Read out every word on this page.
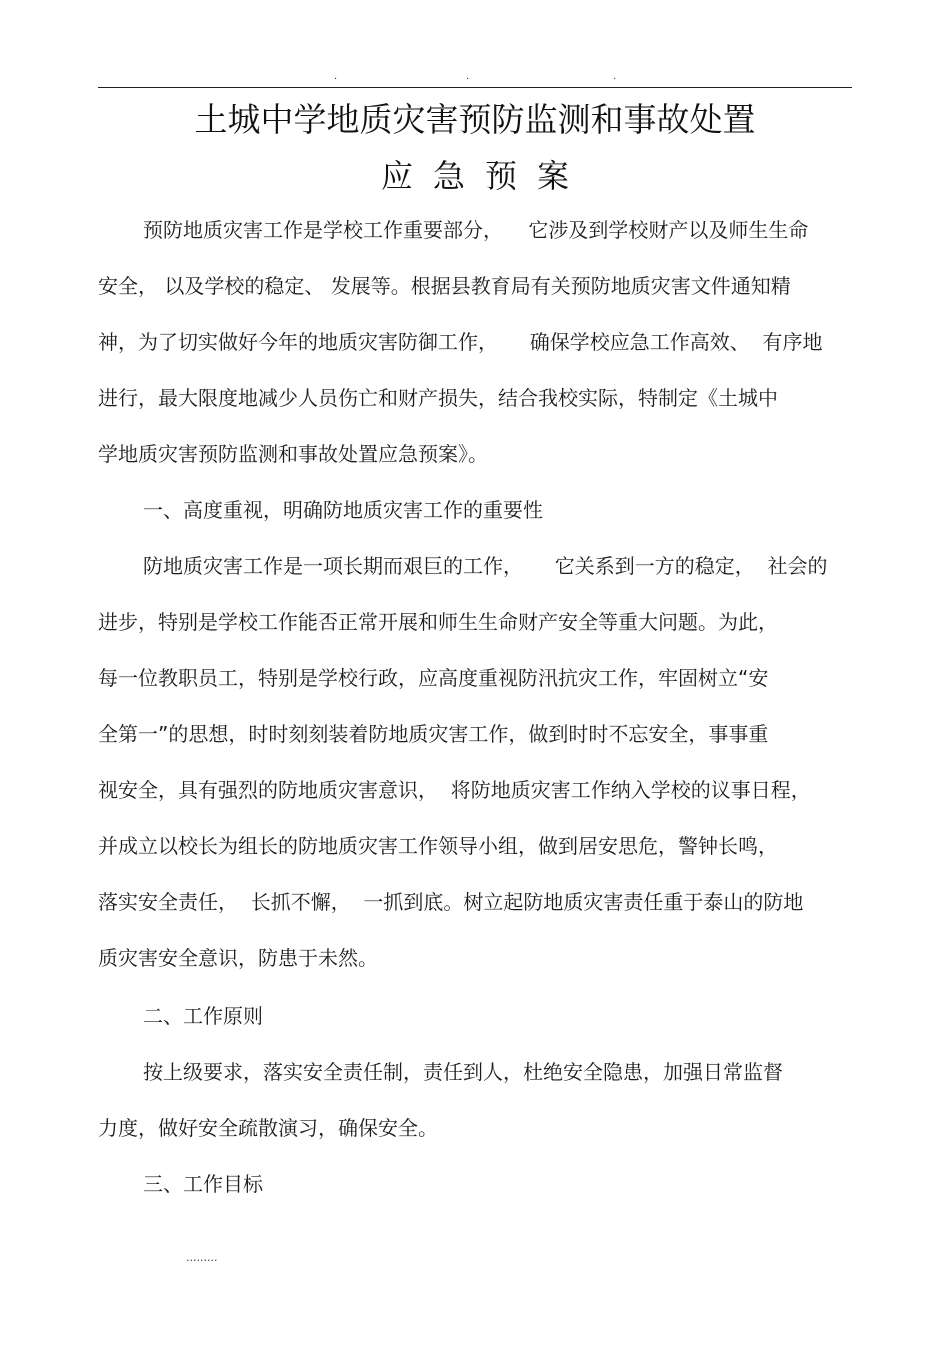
.	.	.
土城中学地质灾害预防监测和事故处置
应急预案
预防地质灾害工作是学校工作重要部分，    它涉及到学校财产以及师生生命
安全， 以及学校的稳定、 发展等。根据县教育局有关预防地质灾害文件通知精
神，为了切实做好今年的地质灾害防御工作，     确保学校应急工作高效、  有序地
进行，最大限度地减少人员伤亡和财产损失，结合我校实际，特制定《土城中
学地质灾害预防监测和事故处置应急预案》。
一、高度重视，明确防地质灾害工作的重要性
防地质灾害工作是一项长期而艰巨的工作，     它关系到一方的稳定，  社会的
进步，特别是学校工作能否正常开展和师生生命财产安全等重大问题。为此，
每一位教职员工，特别是学校行政，应高度重视防汛抗灾工作，牢固树立“安
全第一”的思想，时时刻刻装着防地质灾害工作，做到时时不忘安全，事事重
视安全，具有强烈的防地质灾害意识，  将防地质灾害工作纳入学校的议事日程，
并成立以校长为组长的防地质灾害工作领导小组，做到居安思危，警钟长鸣，
落实安全责任，  长抓不懈，  一抓到底。树立起防地质灾害责任重于泰山的防地
质灾害安全意识，防患于未然。
二、工作原则
按上级要求，落实安全责任制，责任到人，杜绝安全隐患，加强日常监督
力度，做好安全疏散演习，确保安全。
三、工作目标
.........
